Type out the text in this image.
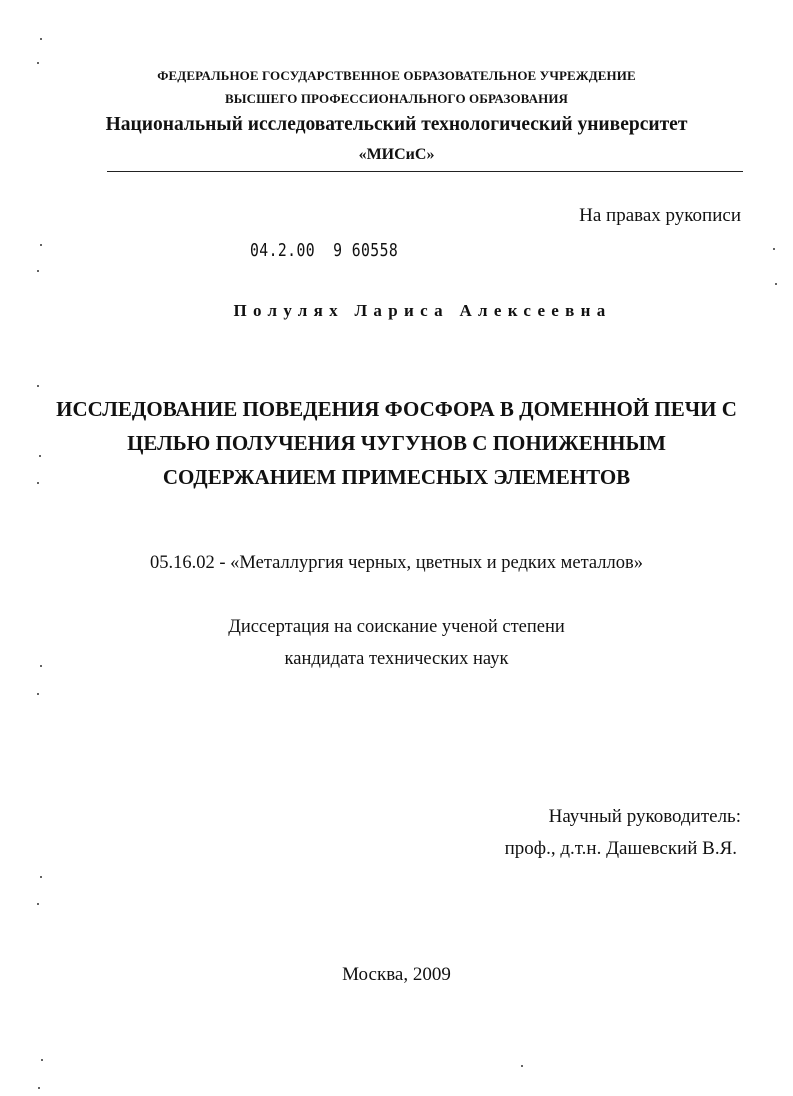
ФЕДЕРАЛЬНОЕ ГОСУДАРСТВЕННОЕ ОБРАЗОВАТЕЛЬНОЕ УЧРЕЖДЕНИЕ
ВЫСШЕГО ПРОФЕССИОНАЛЬНОГО ОБРАЗОВАНИЯ
Национальный исследовательский технологический университет
«МИСиС»
На правах рукописи
04.2.00 9 60558
Полулях Лариса Алексеевна
ИССЛЕДОВАНИЕ ПОВЕДЕНИЯ ФОСФОРА В ДОМЕННОЙ ПЕЧИ С
ЦЕЛЬЮ ПОЛУЧЕНИЯ ЧУГУНОВ С ПОНИЖЕННЫМ
СОДЕРЖАНИЕМ ПРИМЕСНЫХ ЭЛЕМЕНТОВ
05.16.02 - «Металлургия черных, цветных и редких металлов»
Диссертация на соискание ученой степени
кандидата технических наук
Научный руководитель:
проф., д.т.н. Дашевский В.Я.
Москва, 2009
